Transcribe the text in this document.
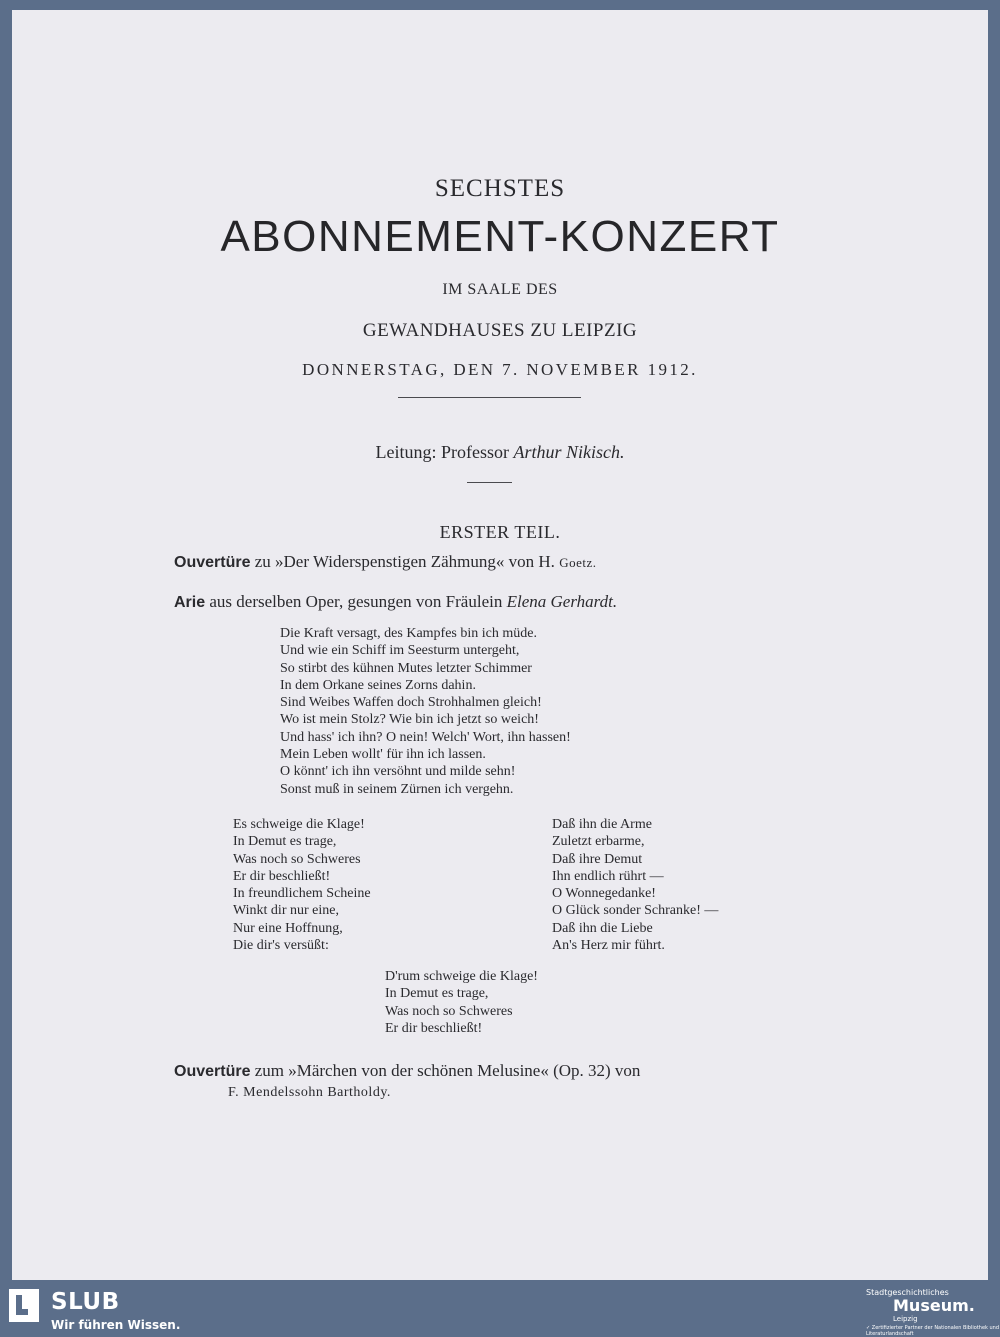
SECHSTES
ABONNEMENT-KONZERT
IM SAALE DES
GEWANDHAUSES ZU LEIPZIG
DONNERSTAG, DEN 7. NOVEMBER 1912.
Leitung: Professor Arthur Nikisch.
ERSTER TEIL.
Ouvertüre zu »Der Widerspenstigen Zähmung« von H. Goetz.
Arie aus derselben Oper, gesungen von Fräulein Elena Gerhardt.
Die Kraft versagt, des Kampfes bin ich müde.
Und wie ein Schiff im Seesturm untergeht,
So stirbt des kühnen Mutes letzter Schimmer
In dem Orkane seines Zorns dahin.
Sind Weibes Waffen doch Strohhalmen gleich!
Wo ist mein Stolz? Wie bin ich jetzt so weich!
Und hass' ich ihn? O nein! Welch' Wort, ihn hassen!
Mein Leben wollt' für ihn ich lassen.
O könnt' ich ihn versöhnt und milde sehn!
Sonst muß in seinem Zürnen ich vergehn.
Es schweige die Klage!
In Demut es trage,
Was noch so Schweres
Er dir beschließt!
In freundlichem Scheine
Winkt dir nur eine,
Nur eine Hoffnung,
Die dir's versüßt:
Daß ihn die Arme
Zuletzt erbarme,
Daß ihre Demut
Ihn endlich rührt —
O Wonnegedanke!
O Glück sonder Schranke! —
Daß ihn die Liebe
An's Herz mir führt.
D'rum schweige die Klage!
In Demut es trage,
Was noch so Schweres
Er dir beschließt!
Ouvertüre zum »Märchen von der schönen Melusine« (Op. 32) von
F. Mendelssohn Bartholdy.
SLUB
Wir führen Wissen.
Stadtgeschichtliches
Museum.
Leipzig
✓ Zertifizierter Partner der Nationalen Bibliothek und Literaturlandschaft
